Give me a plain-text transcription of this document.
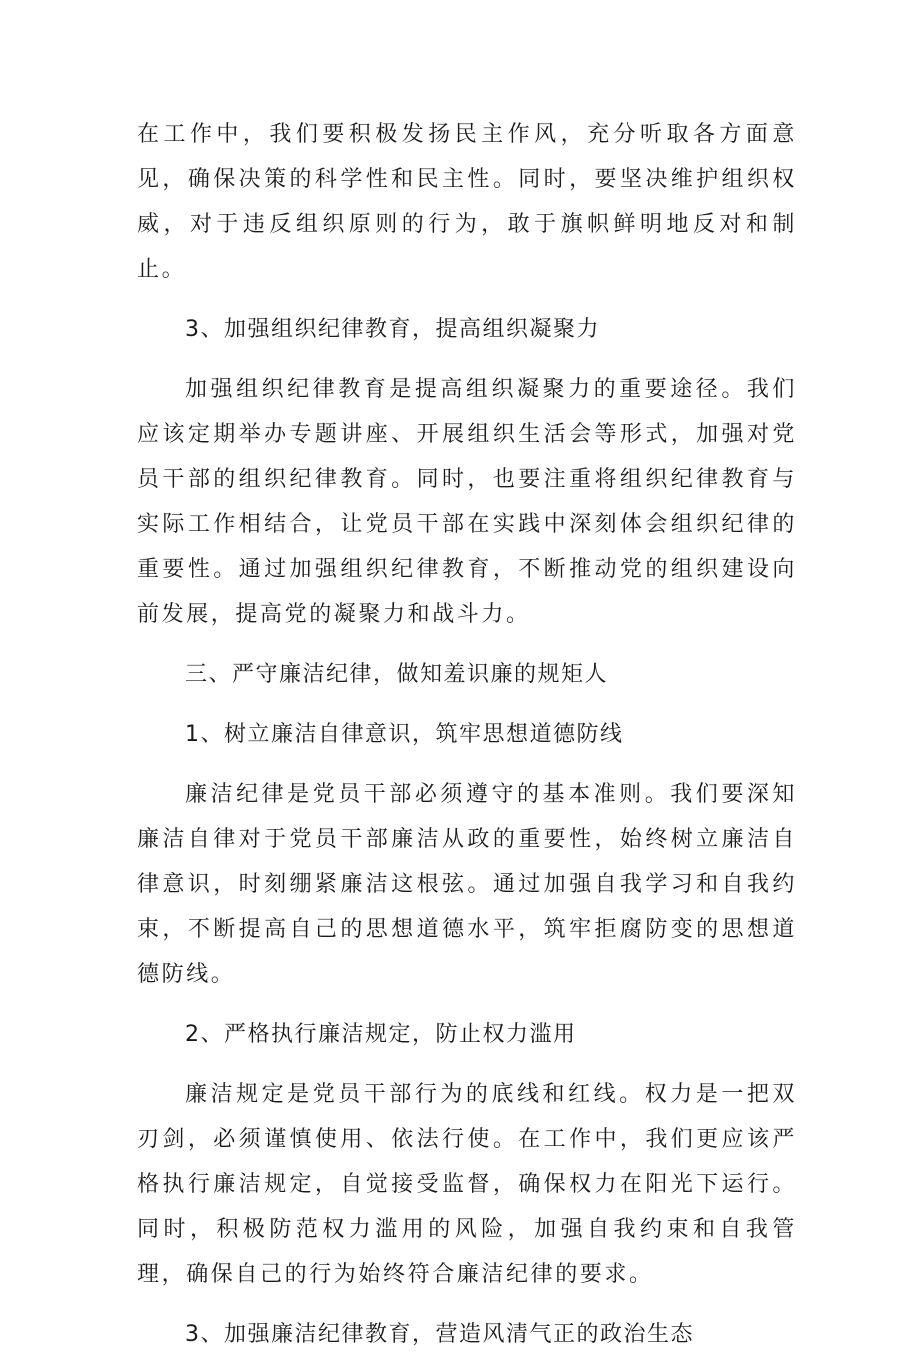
在工作中，我们要积极发扬民主作风，充分听取各方面意见，确保决策的科学性和民主性。同时，要坚决维护组织权威，对于违反组织原则的行为，敢于旗帜鲜明地反对和制止。

3、加强组织纪律教育，提高组织凝聚力

加强组织纪律教育是提高组织凝聚力的重要途径。我们应该定期举办专题讲座、开展组织生活会等形式，加强对党员干部的组织纪律教育。同时，也要注重将组织纪律教育与实际工作相结合，让党员干部在实践中深刻体会组织纪律的重要性。通过加强组织纪律教育，不断推动党的组织建设向前发展，提高党的凝聚力和战斗力。

三、严守廉洁纪律，做知羞识廉的规矩人
1、树立廉洁自律意识，筑牢思想道德防线

廉洁纪律是党员干部必须遵守的基本准则。我们要深知廉洁自律对于党员干部廉洁从政的重要性，始终树立廉洁自律意识，时刻绷紧廉洁这根弦。通过加强自我学习和自我约束，不断提高自己的思想道德水平，筑牢拒腐防变的思想道德防线。

2、严格执行廉洁规定，防止权力滥用

廉洁规定是党员干部行为的底线和红线。权力是一把双刃剑，必须谨慎使用、依法行使。在工作中，我们更应该严格执行廉洁规定，自觉接受监督，确保权力在阳光下运行。同时，积极防范权力滥用的风险，加强自我约束和自我管理，确保自己的行为始终符合廉洁纪律的要求。

3、加强廉洁纪律教育，营造风清气正的政治生态
